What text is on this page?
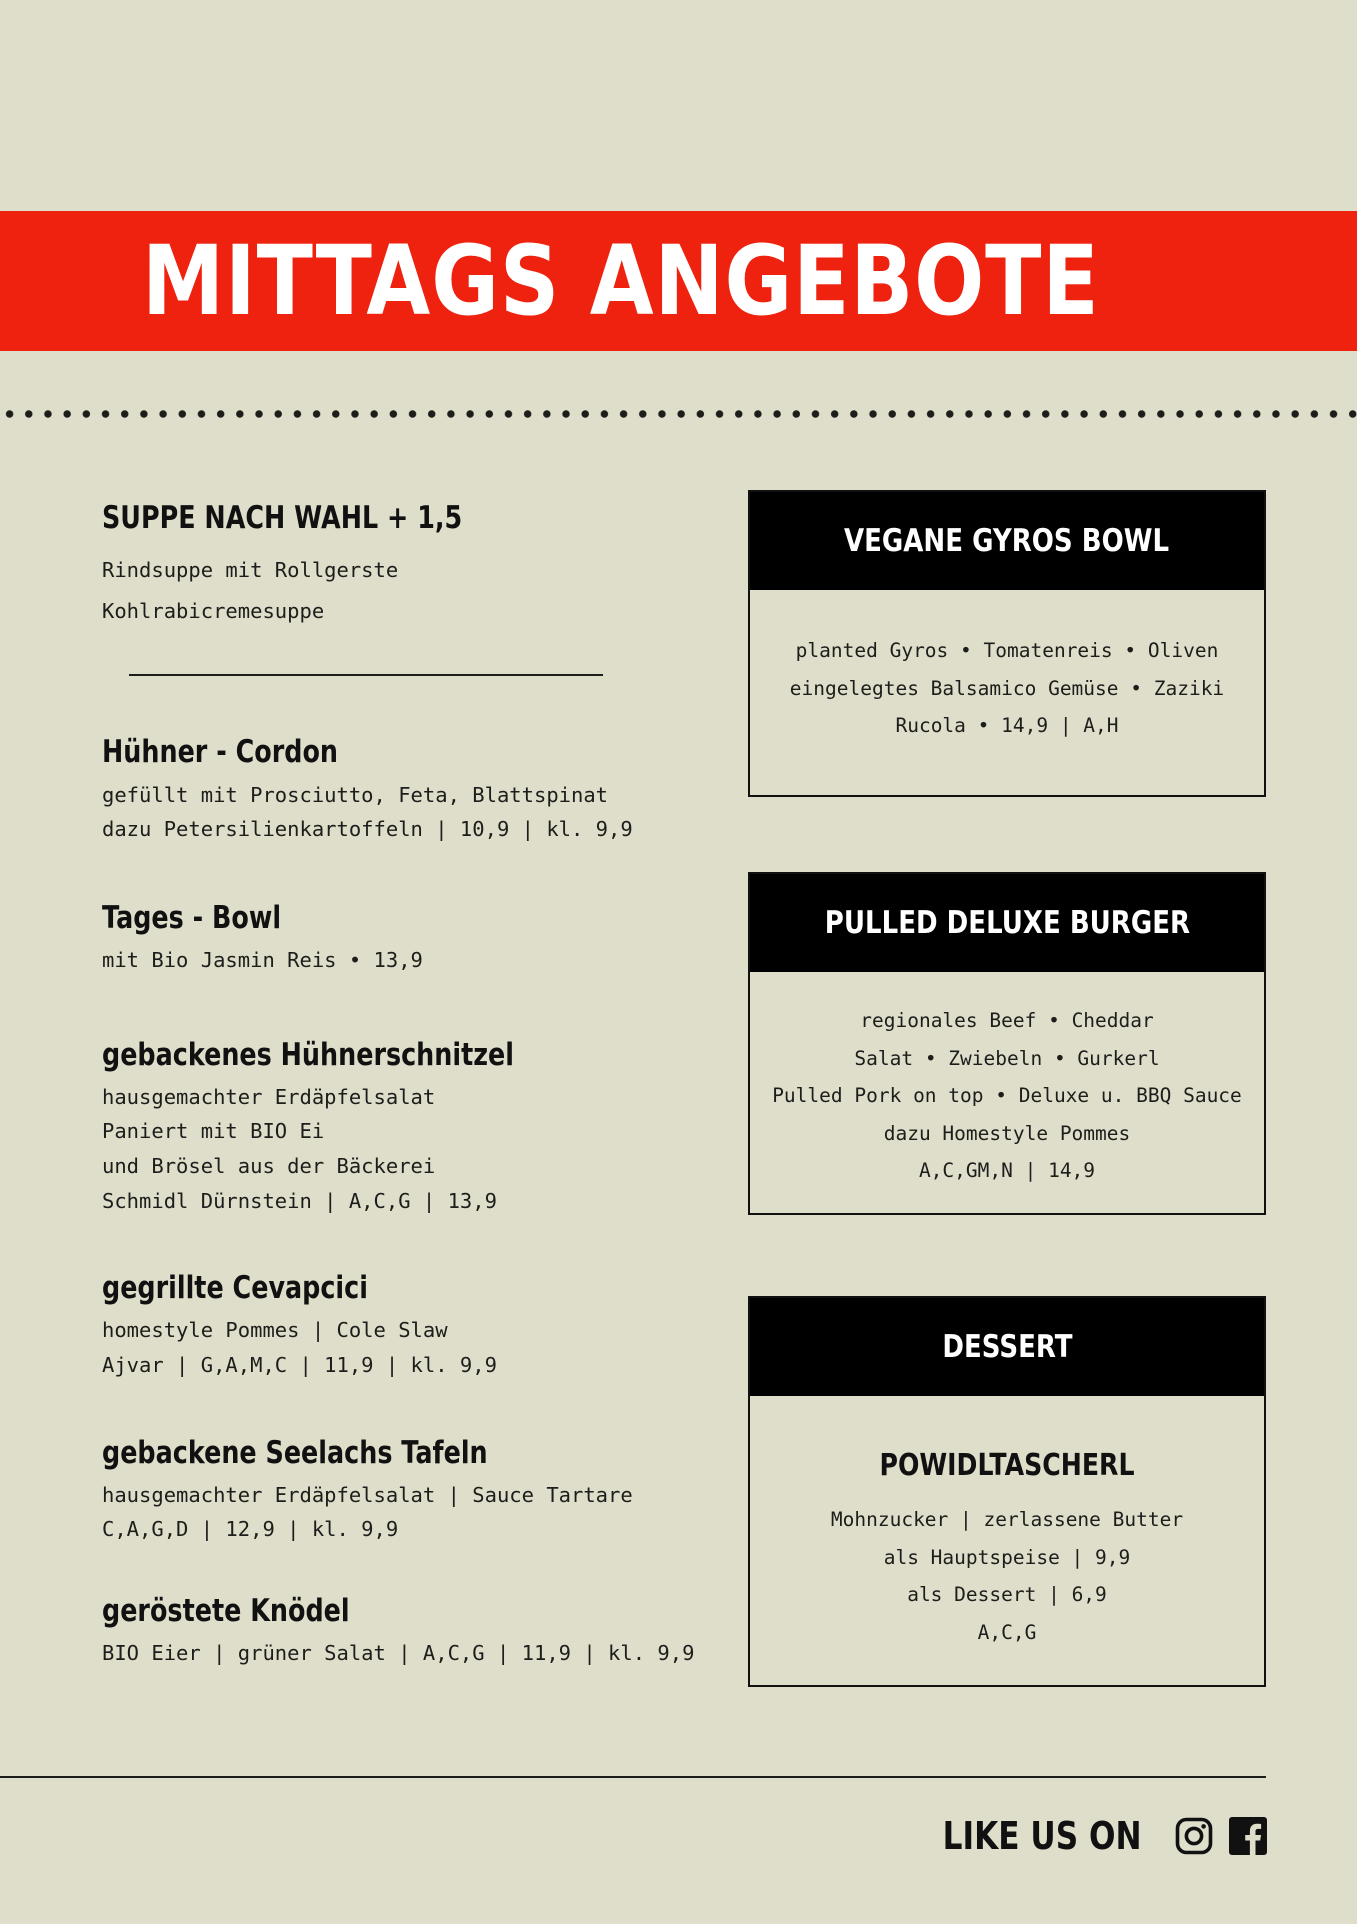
MITTAGS ANGEBOTE
SUPPE NACH WAHL + 1,5
Rindsuppe mit Rollgerste
Kohlrabicremesuppe
Hühner - Cordon
gefüllt mit Prosciutto, Feta, Blattspinat
dazu Petersilienkartoffeln | 10,9 | kl. 9,9
Tages - Bowl
mit Bio Jasmin Reis • 13,9
gebackenes Hühnerschnitzel
hausgemachter Erdäpfelsalat
Paniert mit BIO Ei
und Brösel aus der Bäckerei
Schmidl Dürnstein | A,C,G | 13,9
gegrillte Cevapcici
homestyle Pommes | Cole Slaw
Ajvar | G,A,M,C | 11,9 | kl. 9,9
gebackene Seelachs Tafeln
hausgemachter Erdäpfelsalat | Sauce Tartare
C,A,G,D | 12,9 | kl. 9,9
geröstete Knödel
BIO Eier | grüner Salat | A,C,G | 11,9 | kl. 9,9
VEGANE GYROS BOWL
planted Gyros • Tomatenreis • Oliven
eingelegtes Balsamico Gemüse • Zaziki
Rucola • 14,9 | A,H
PULLED DELUXE BURGER
regionales Beef • Cheddar
Salat • Zwiebeln • Gurkerl
Pulled Pork on top • Deluxe u. BBQ Sauce
dazu Homestyle Pommes
A,C,GM,N | 14,9
DESSERT
POWIDLTASCHERL
Mohnzucker | zerlassene Butter
als Hauptspeise | 9,9
als Dessert | 6,9
A,C,G
LIKE US ON
